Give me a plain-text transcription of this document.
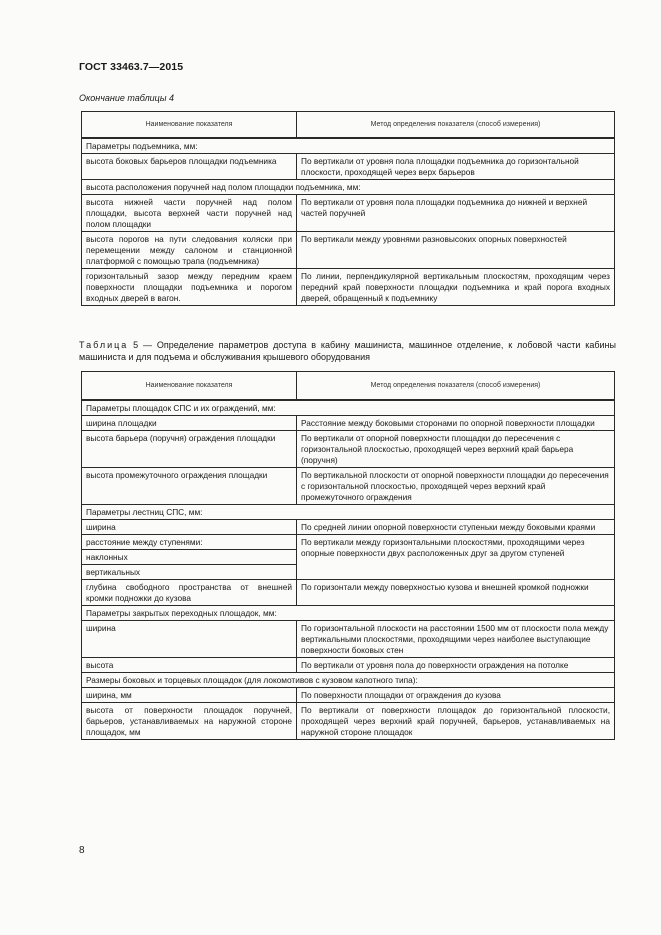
ГОСТ 33463.7—2015
Окончание таблицы 4
Наименование показателя	Метод определения показателя (способ измерения)
Параметры подъемника, мм:	
высота боковых барьеров площадки подъемника	По вертикали от уровня пола площадки подъемника до горизонтальной плоскости, проходящей через верх барьеров
высота расположения поручней над полом площадки подъемника, мм:	
высота нижней части поручней над полом площадки, высота верхней части поручней над полом площадки	По вертикали от уровня пола площадки подъемника до нижней и верхней частей поручней
высота порогов на пути следования коляски при перемещении между салоном и станционной платформой с помощью трапа (подъемника)	По вертикали между уровнями разновысоких опорных поверхностей
горизонтальный зазор между передним краем поверхности площадки подъемника и порогом входных дверей в вагон.	По линии, перпендикулярной вертикальным плоскостям, проходящим через передний край поверхности площадки подъемника и край порога входных дверей, обращенный к подъемнику
Таблица 5 — Определение параметров доступа в кабину машиниста, машинное отделение, к лобовой части кабины машиниста и для подъема и обслуживания крышевого оборудования
Наименование показателя	Метод определения показателя (способ измерения)
Параметры площадок СПС и их ограждений, мм:	
ширина площадки	Расстояние между боковыми сторонами по опорной поверхности площадки
высота барьера (поручня) ограждения площадки	По вертикали от опорной поверхности площадки до пересечения с горизонтальной плоскостью, проходящей через верхний край барьера (поручня)
высота промежуточного ограждения площадки	По вертикальной плоскости от опорной поверхности площадки до пересечения с горизонтальной плоскостью, проходящей через верхний край промежуточного ограждения
Параметры лестниц СПС, мм:	
ширина	По средней линии опорной поверхности ступеньки между боковыми краями
расстояние между ступенями:	По вертикали между горизонтальными плоскостями, проходящими через опорные поверхности двух расположенных друг за другом ступеней
наклонных	
вертикальных	
глубина свободного пространства от внешней кромки подножки до кузова	По горизонтали между поверхностью кузова и внешней кромкой подножки
Параметры закрытых переходных площадок, мм:	
ширина	По горизонтальной плоскости на расстоянии 1500 мм от плоскости пола между вертикальными плоскостями, проходящими через наиболее выступающие поверхности боковых стен
высота	По вертикали от уровня пола до поверхности ограждения на потолке
Размеры боковых и торцевых площадок (для локомотивов с кузовом капотного типа):	
ширина, мм	По поверхности площадки от ограждения до кузова
высота от поверхности площадок поручней, барьеров, устанавливаемых на наружной стороне площадок, мм	По вертикали от поверхности площадок до горизонтальной плоскости, проходящей через верхний край поручней, барьеров, устанавливаемых на наружной стороне площадок
8
